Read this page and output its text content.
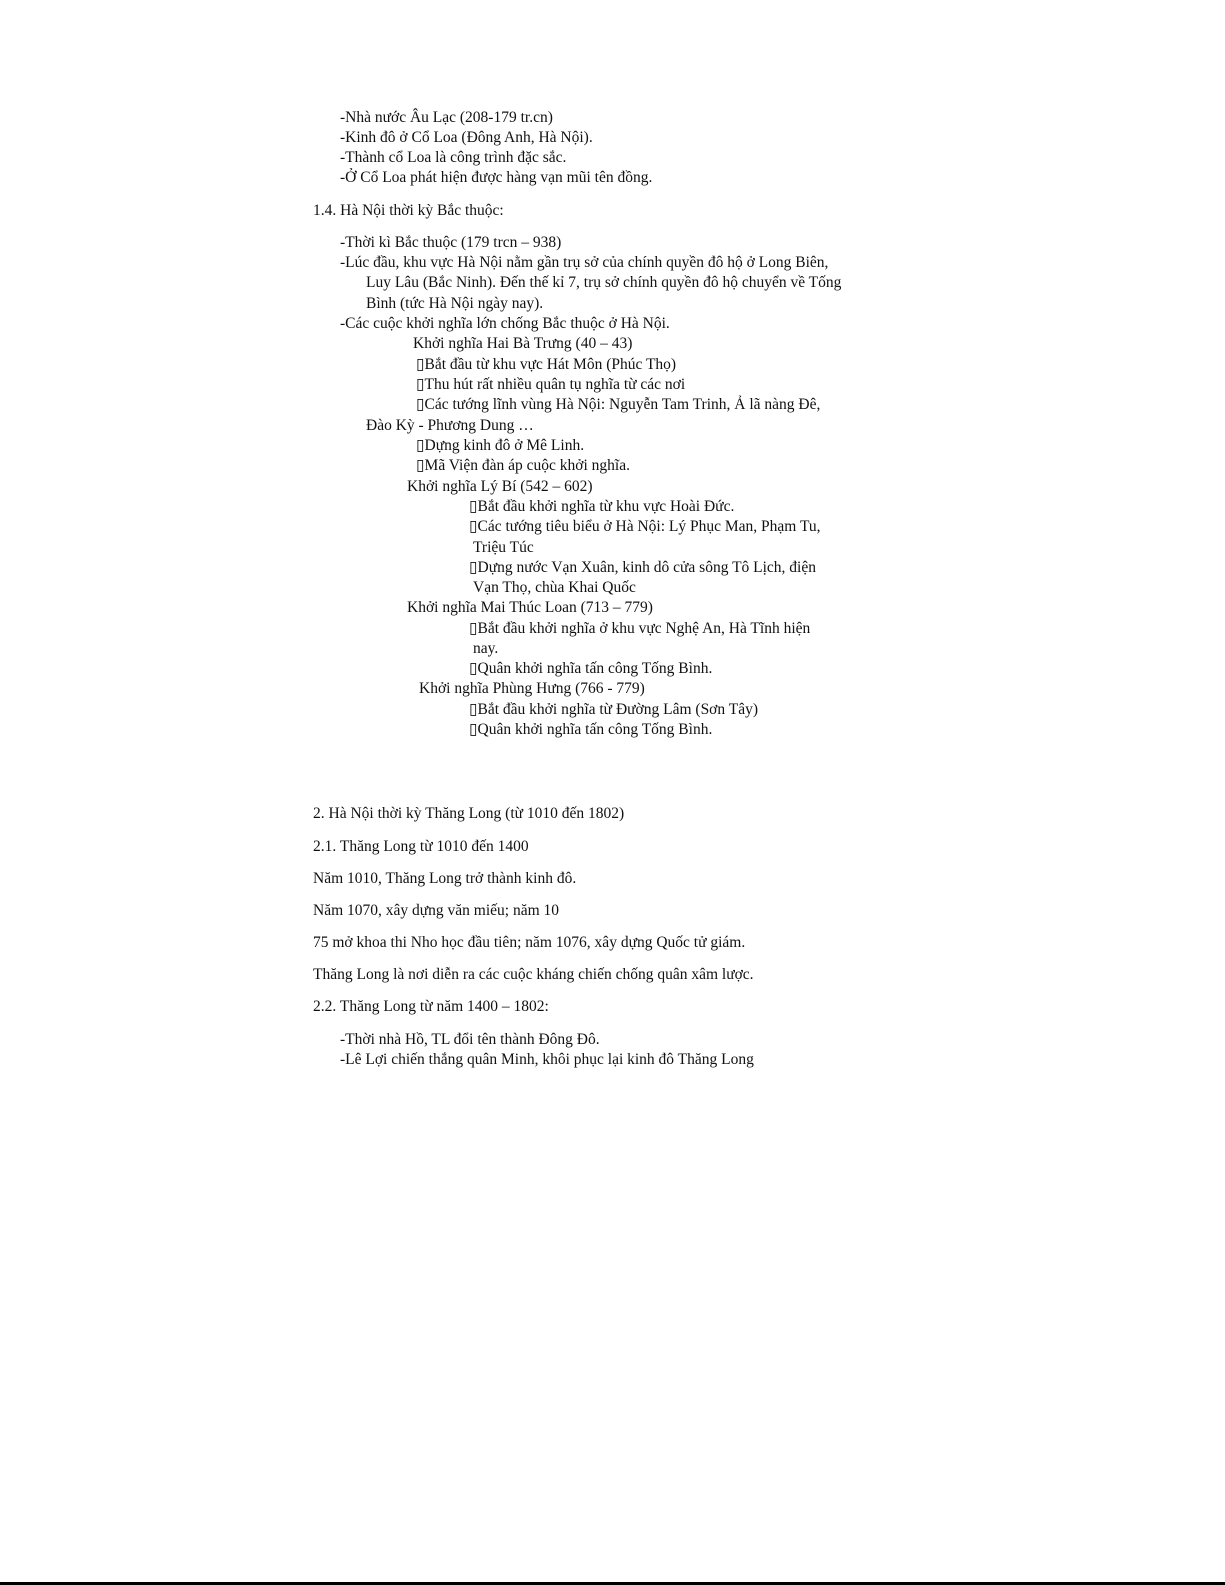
-Nhà nước Âu Lạc (208-179 tr.cn)
-Kinh đô ở Cổ Loa (Đông Anh, Hà Nội).
-Thành cổ Loa là công trình đặc sắc.
-Ở Cổ Loa phát hiện được hàng vạn mũi tên đồng.
1.4. Hà Nội thời kỳ Bắc thuộc:
-Thời kì Bắc thuộc (179 trcn – 938)
-Lúc đầu, khu vực Hà Nội nằm gần trụ sở của chính quyền đô hộ ở Long Biên,
Luy Lâu (Bắc Ninh). Đến thế kỉ 7, trụ sở chính quyền đô hộ chuyển về Tống
Bình (tức Hà Nội ngày nay).
-Các cuộc khởi nghĩa lớn chống Bắc thuộc ở Hà Nội.
Khởi nghĩa Hai Bà Trưng (40 – 43)
▯Bắt đầu từ khu vực Hát Môn (Phúc Thọ)
▯Thu hút rất nhiều quân tụ nghĩa từ các nơi
▯Các tướng lĩnh vùng Hà Nội: Nguyễn Tam Trinh, Ả lã nàng Đê,
Đào Kỳ - Phương Dung …
▯Dựng kinh đô ở Mê Linh.
▯Mã Viện đàn áp cuộc khởi nghĩa.
Khởi nghĩa Lý Bí (542 – 602)
▯Bắt đầu khởi nghĩa từ khu vực Hoài Đức.
▯Các tướng tiêu biểu ở Hà Nội: Lý Phục Man, Phạm Tu,
Triệu Túc
▯Dựng nước Vạn Xuân, kinh dô cửa sông Tô Lịch, điện
Vạn Thọ, chùa Khai Quốc
Khởi nghĩa Mai Thúc Loan (713 – 779)
▯Bắt đầu khởi nghĩa ở khu vực Nghệ An, Hà Tĩnh hiện
nay.
▯Quân khởi nghĩa tấn công Tống Bình.
Khởi nghĩa Phùng Hưng (766 - 779)
▯Bắt đầu khởi nghĩa từ Đường Lâm (Sơn Tây)
▯Quân khởi nghĩa tấn công Tống Bình.
2. Hà Nội thời kỳ Thăng Long (từ 1010 đến 1802)
2.1. Thăng Long từ 1010 đến 1400
Năm 1010, Thăng Long trở thành kinh đô.
Năm 1070, xây dựng văn miếu; năm 10
75 mở khoa thi Nho học đầu tiên; năm 1076, xây dựng Quốc tử giám.
Thăng Long là nơi diễn ra các cuộc kháng chiến chống quân xâm lược.
2.2. Thăng Long từ năm 1400 – 1802:
-Thời nhà Hồ, TL đổi tên thành Đông Đô.
-Lê Lợi chiến thắng quân Minh, khôi phục lại kinh đô Thăng Long
